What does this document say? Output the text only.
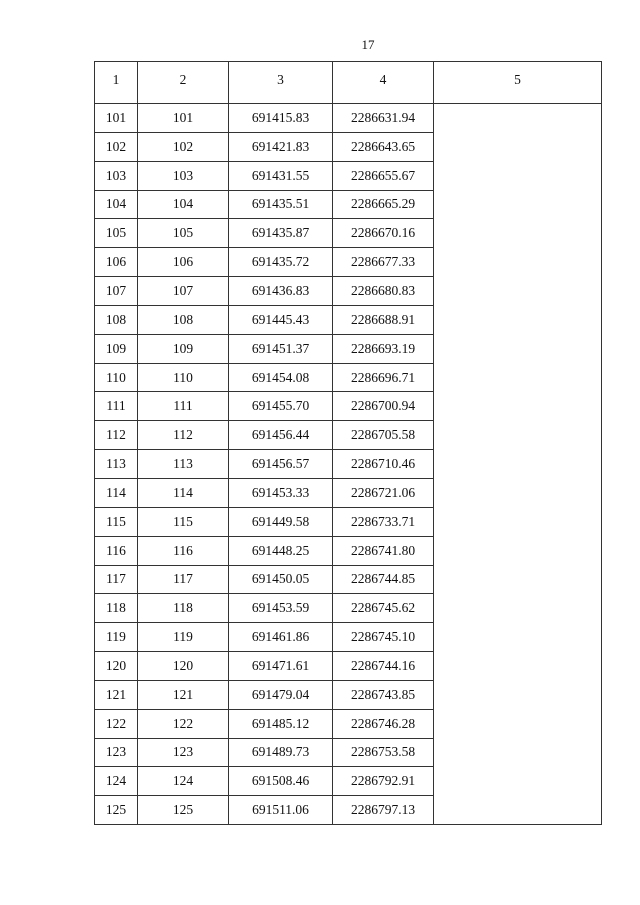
17
1	2	3	4	5
101	101	691415.83	2286631.94	
102	102	691421.83	2286643.65	
103	103	691431.55	2286655.67	
104	104	691435.51	2286665.29	
105	105	691435.87	2286670.16	
106	106	691435.72	2286677.33	
107	107	691436.83	2286680.83	
108	108	691445.43	2286688.91	
109	109	691451.37	2286693.19	
110	110	691454.08	2286696.71	
111	111	691455.70	2286700.94	
112	112	691456.44	2286705.58	
113	113	691456.57	2286710.46	
114	114	691453.33	2286721.06	
115	115	691449.58	2286733.71	
116	116	691448.25	2286741.80	
117	117	691450.05	2286744.85	
118	118	691453.59	2286745.62	
119	119	691461.86	2286745.10	
120	120	691471.61	2286744.16	
121	121	691479.04	2286743.85	
122	122	691485.12	2286746.28	
123	123	691489.73	2286753.58	
124	124	691508.46	2286792.91	
125	125	691511.06	2286797.13	
